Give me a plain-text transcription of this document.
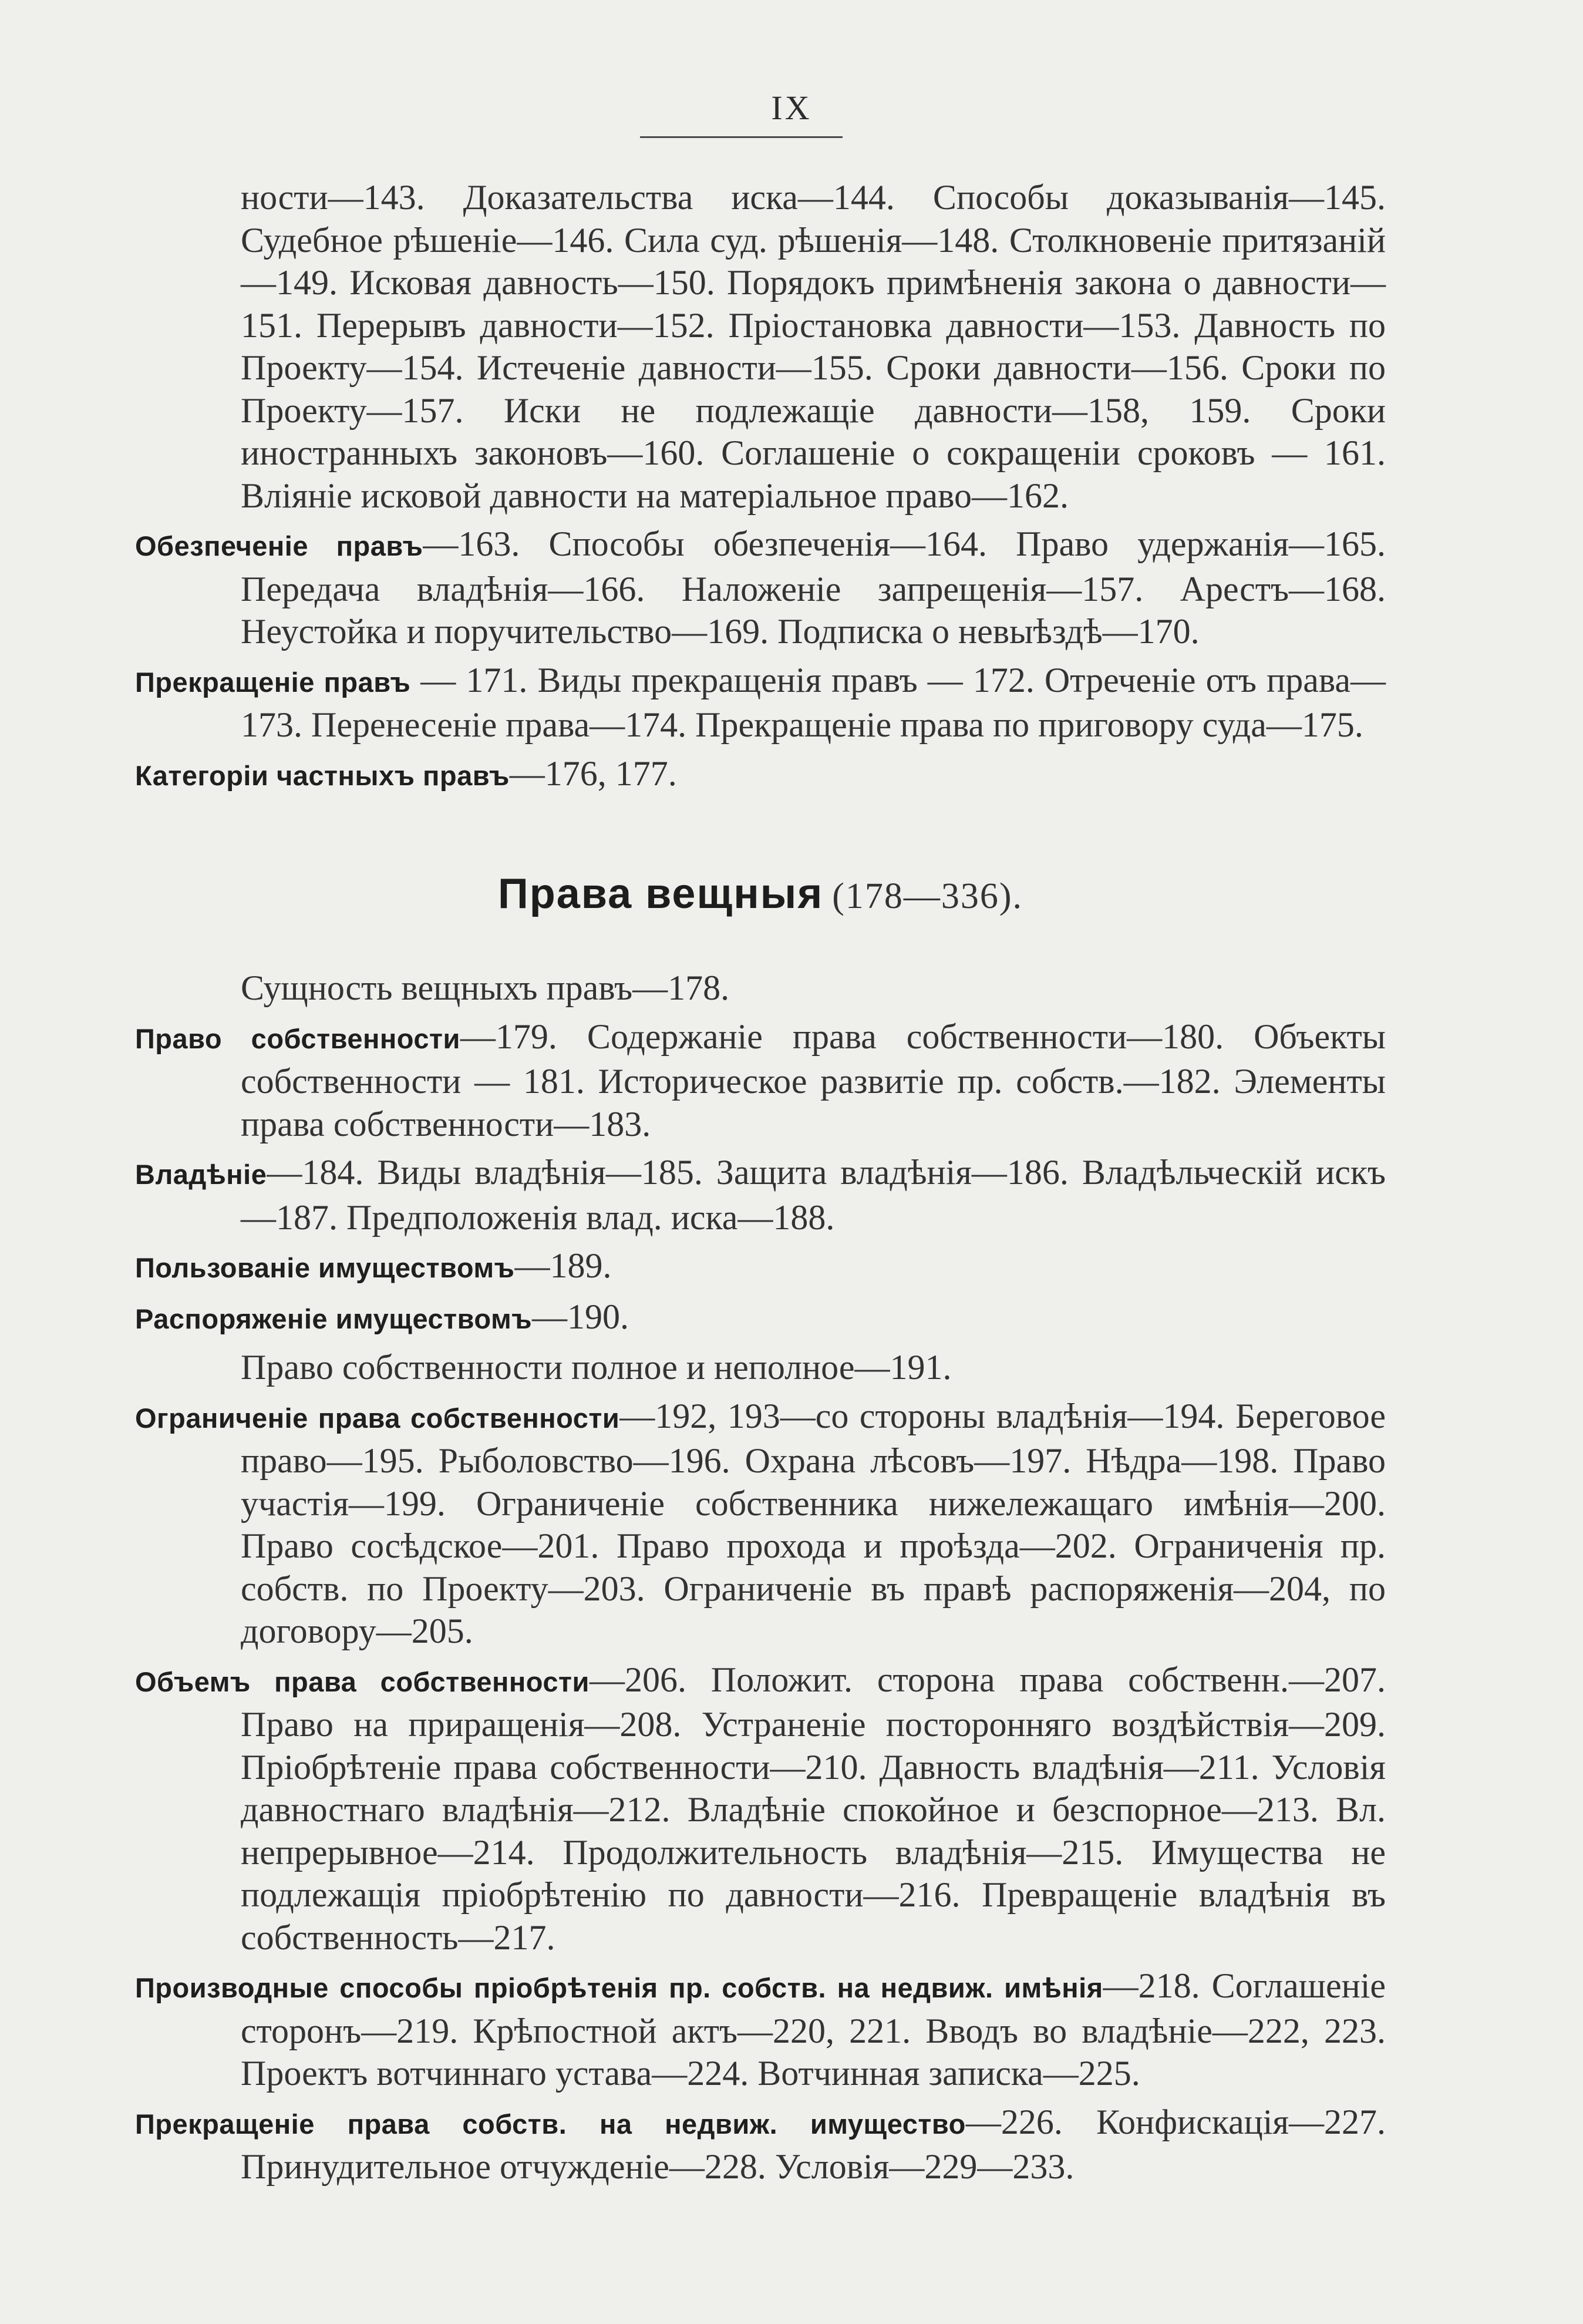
IX

ности—143. Доказательства иска—144. Способы доказыванія—145. Судебное рѣшеніе—146. Сила суд. рѣшенія—148. Столкновеніе притязаній—149. Исковая давность—150. Порядокъ примѣненія закона о давности—151. Перерывъ давности—152. Пріостановка давности—153. Давность по Проекту—154. Истеченіе давности—155. Сроки давности—156. Сроки по Проекту—157. Иски не подлежащіе давности—158, 159. Сроки иностранныхъ законовъ—160. Соглашеніе о сокращеніи сроковъ — 161. Вліяніе исковой давности на матеріальное право—162.

Обезпеченіе правъ—163. Способы обезпеченія—164. Право удержанія—165. Передача владѣнія—166. Наложеніе запрещенія—157. Арестъ—168. Неустойка и поручительство—169. Подписка о невыѣздѣ—170.

Прекращеніе правъ — 171. Виды прекращенія правъ — 172. Отреченіе отъ права—173. Перенесеніе права—174. Прекращеніе права по приговору суда—175.

Категоріи частныхъ правъ—176, 177.

Права вещныя (178—336).

Сущность вещныхъ правъ—178.

Право собственности—179. Содержаніе права собственности—180. Объекты собственности — 181. Историческое развитіе пр. собств.—182. Элементы права собственности—183.

Владѣніе—184. Виды владѣнія—185. Защита владѣнія—186. Владѣльческій искъ—187. Предположенія влад. иска—188.

Пользованіе имуществомъ—189.

Распоряженіе имуществомъ—190.

Право собственности полное и неполное—191.

Ограниченіе права собственности—192, 193—со стороны владѣнія—194. Береговое право—195. Рыболовство—196. Охрана лѣсовъ—197. Нѣдра—198. Право участія—199. Ограниченіе собственника нижележащаго имѣнія—200. Право сосѣдское—201. Право прохода и проѣзда—202. Ограниченія пр. собств. по Проекту—203. Ограниченіе въ правѣ распоряженія—204, по договору—205.

Объемъ права собственности—206. Положит. сторона права собственн.—207. Право на приращенія—208. Устраненіе посторонняго воздѣйствія—209. Пріобрѣтеніе права собственности—210. Давность владѣнія—211. Условія давностнаго владѣнія—212. Владѣніе спокойное и безспорное—213. Вл. непрерывное—214. Продолжительность владѣнія—215. Имущества не подлежащія пріобрѣтенію по давности—216. Превращеніе владѣнія въ собственность—217.

Производные способы пріобрѣтенія пр. собств. на недвиж. имѣнія—218. Соглашеніе сторонъ—219. Крѣпостной актъ—220, 221. Вводъ во владѣніе—222, 223. Проектъ вотчиннаго устава—224. Вотчинная записка—225.

Прекращеніе права собств. на недвиж. имущество—226. Конфискація—227. Принудительное отчужденіе—228. Условія—229—233.
